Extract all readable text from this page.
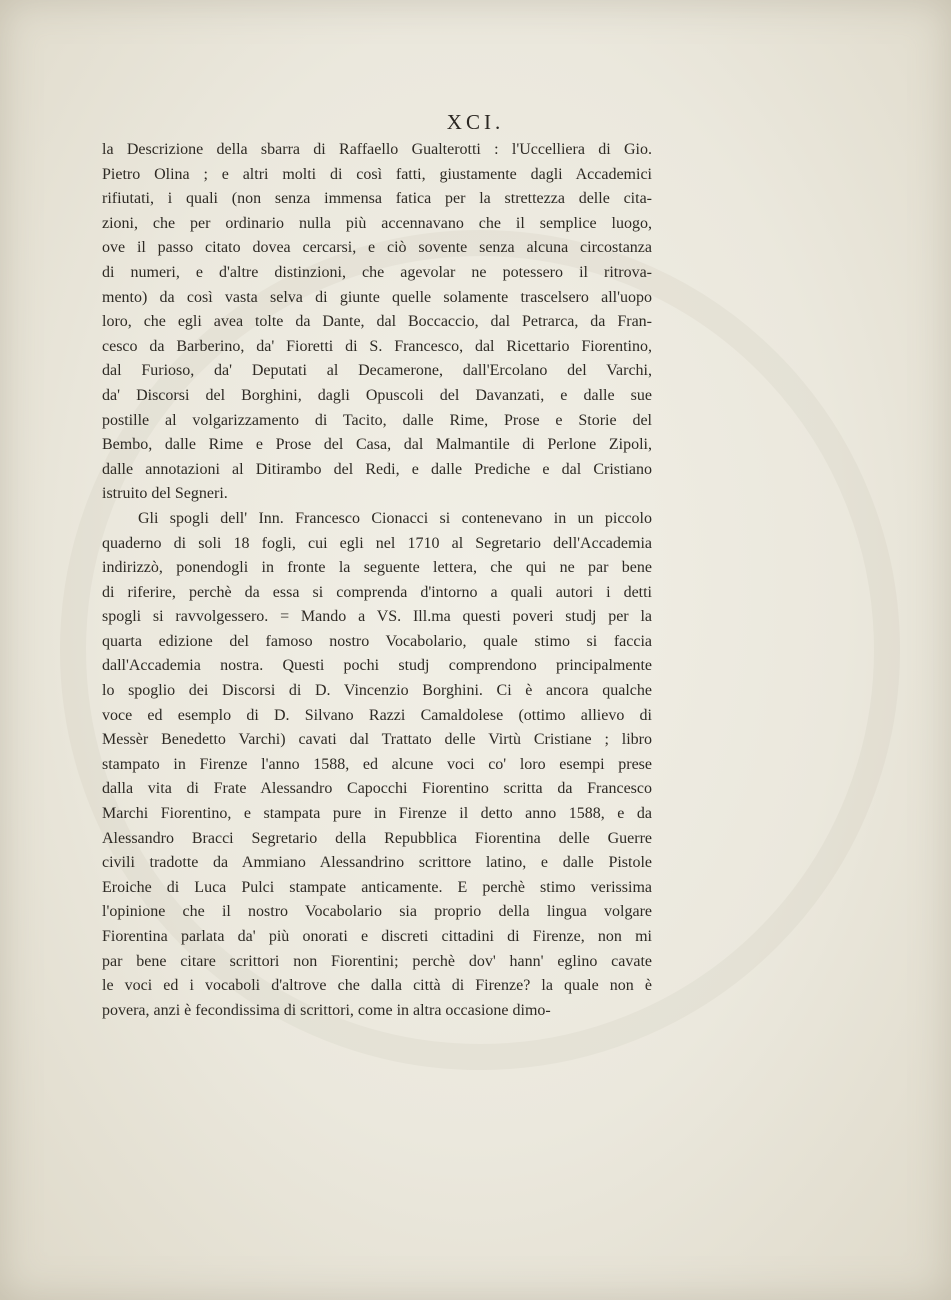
XCI.
la Descrizione della sbarra di Raffaello Gualterotti : l'Uccelliera di Gio.
Pietro Olina ; e altri molti di così fatti, giustamente dagli Accademici
rifiutati, i quali (non senza immensa fatica per la strettezza delle cita-
zioni, che per ordinario nulla più accennavano che il semplice luogo,
ove il passo citato dovea cercarsi, e ciò sovente senza alcuna circostanza
di numeri, e d'altre distinzioni, che agevolar ne potessero il ritrova-
mento) da così vasta selva di giunte quelle solamente trascelsero all'uopo
loro, che egli avea tolte da Dante, dal Boccaccio, dal Petrarca, da Fran-
cesco da Barberino, da' Fioretti di S. Francesco, dal Ricettario Fiorentino,
dal Furioso, da' Deputati al Decamerone, dall'Ercolano del Varchi,
da' Discorsi del Borghini, dagli Opuscoli del Davanzati, e dalle sue
postille al volgarizzamento di Tacito, dalle Rime, Prose e Storie del
Bembo, dalle Rime e Prose del Casa, dal Malmantile di Perlone Zipoli,
dalle annotazioni al Ditirambo del Redi, e dalle Prediche e dal Cristiano
istruito del Segneri.
Gli spogli dell' Inn. Francesco Cionacci si contenevano in un piccolo
quaderno di soli 18 fogli, cui egli nel 1710 al Segretario dell'Accademia
indirizzò, ponendogli in fronte la seguente lettera, che qui ne par bene
di riferire, perchè da essa si comprenda d'intorno a quali autori i detti
spogli si ravvolgessero. = Mando a VS. Ill.ma questi poveri studj per la
quarta edizione del famoso nostro Vocabolario, quale stimo si faccia
dall'Accademia nostra. Questi pochi studj comprendono principalmente
lo spoglio dei Discorsi di D. Vincenzio Borghini. Ci è ancora qualche
voce ed esemplo di D. Silvano Razzi Camaldolese (ottimo allievo di
Messèr Benedetto Varchi) cavati dal Trattato delle Virtù Cristiane ; libro
stampato in Firenze l'anno 1588, ed alcune voci co' loro esempi prese
dalla vita di Frate Alessandro Capocchi Fiorentino scritta da Francesco
Marchi Fiorentino, e stampata pure in Firenze il detto anno 1588, e da
Alessandro Bracci Segretario della Repubblica Fiorentina delle Guerre
civili tradotte da Ammiano Alessandrino scrittore latino, e dalle Pistole
Eroiche di Luca Pulci stampate anticamente. E perchè stimo verissima
l'opinione che il nostro Vocabolario sia proprio della lingua volgare
Fiorentina parlata da' più onorati e discreti cittadini di Firenze, non mi
par bene citare scrittori non Fiorentini; perchè dov' hann' eglino cavate
le voci ed i vocaboli d'altrove che dalla città di Firenze? la quale non è
povera, anzi è fecondissima di scrittori, come in altra occasione dimo-
